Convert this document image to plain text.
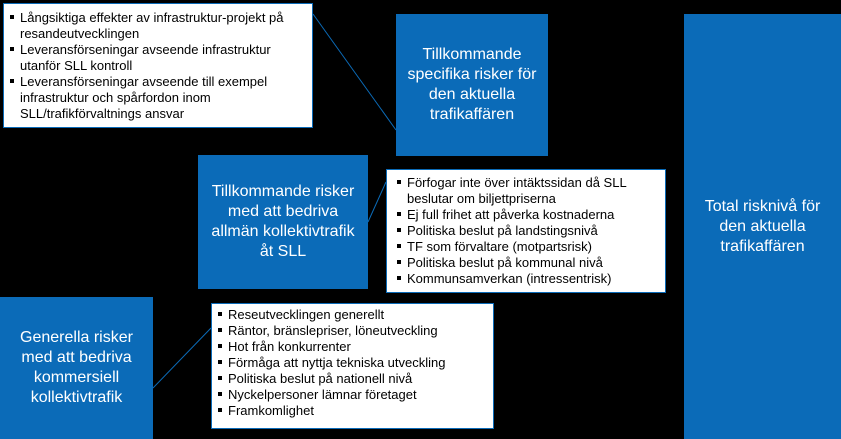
Långsiktiga effekter av infrastruktur-projekt på resandeutvecklingen
Leveransförseningar avseende infrastruktur utanför SLL kontroll
Leveransförseningar avseende till exempel infrastruktur och spårfordon inom SLL/trafikförvaltnings ansvar
Tillkommande specifika risker för den aktuella trafikaffären
Tillkommande risker med att bedriva allmän kollektivtrafik åt SLL
Förfogar inte över intäktssidan då SLL beslutar om biljettpriserna
Ej full frihet att påverka kostnaderna
Politiska beslut på landstingsnivå
TF som förvaltare (motpartsrisk)
Politiska beslut på kommunal nivå
Kommunsamverkan (intressentrisk)
Generella risker med att bedriva kommersiell kollektivtrafik
Reseutvecklingen generellt
Räntor, bränslepriser, löneutveckling
Hot från konkurrenter
Förmåga att nyttja tekniska utveckling
Politiska beslut på nationell nivå
Nyckelpersoner lämnar företaget
Framkomlighet
Total risknivå för den aktuella trafikaffären
